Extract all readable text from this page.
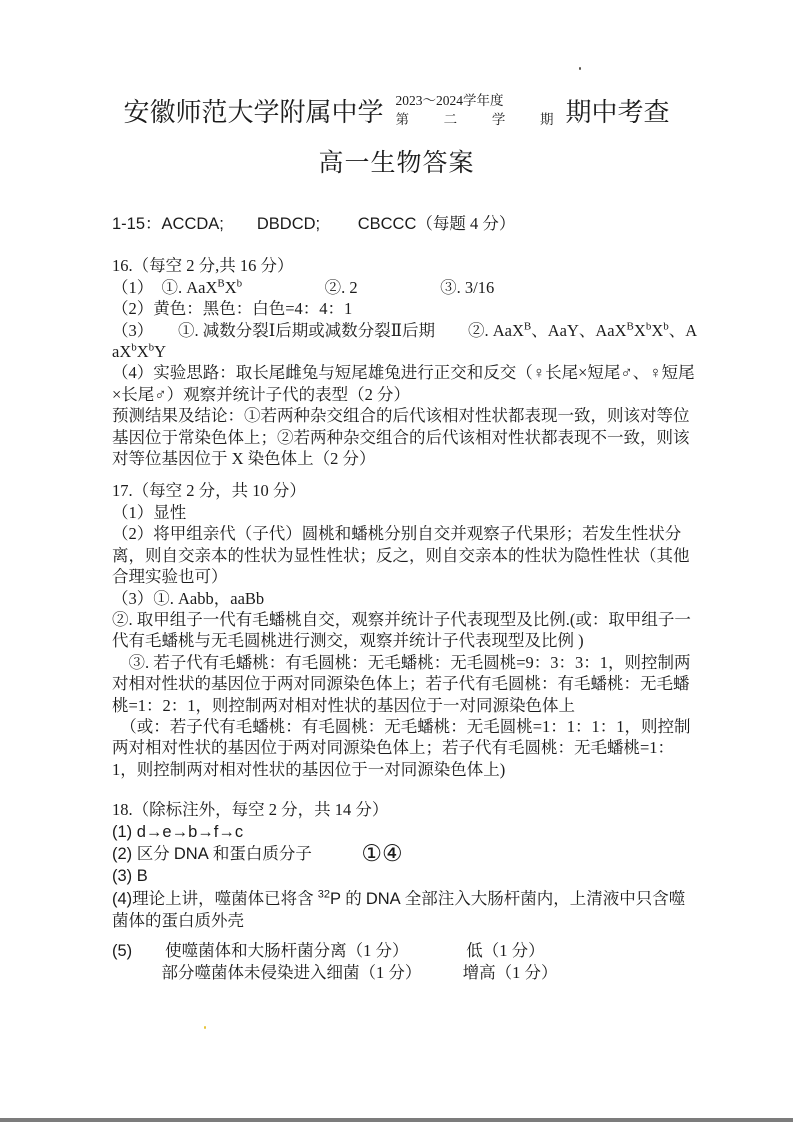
安徽师范大学附属中学 2023～2024学年度
第 二 学 期 期中考查
高一生物答案

1-15：ACCDA;　　DBDCD;　　 CBCCC（每题 4 分）

16.（每空 2 分,共 16 分）

（1）　①. $AaX^BX^b$　　　　　②. 2　　　　　③. 3/16

（2）黄色：黑色：白色=4：4：1

（3）　　①. 减数分裂Ⅰ后期或减数分裂Ⅱ后期　　②. AaX$^B$、AaY、$AaX^BX^bX^b$、$AaX^bX^bY$

（4）实验思路：取长尾雌兔与短尾雄兔进行正交和反交（♀长尾×短尾♂、♀短尾×长尾♂）观察并统计子代的表型（2 分）

预测结果及结论：①若两种杂交组合的后代该相对性状都表现一致，则该对等位基因位于常染色体上；②若两种杂交组合的后代该相对性状都表现不一致，则该对等位基因位于 X 染色体上（2 分）

17.（每空 2 分，共 10 分）

（1）显性

（2）将甲组亲代（子代）圆桃和蟠桃分别自交并观察子代果形；若发生性状分离，则自交亲本的性状为显性性状；反之，则自交亲本的性状为隐性性状（其他合理实验也可）

（3）①. Aabb，aaBb

②. 取甲组子一代有毛蟠桃自交，观察并统计子代表现型及比例.(或：取甲组子一代有毛蟠桃与无毛圆桃进行测交，观察并统计子代表现型及比例 )

　③. 若子代有毛蟠桃：有毛圆桃：无毛蟠桃：无毛圆桃=9：3：3：1，则控制两对相对性状的基因位于两对同源染色体上；若子代有毛圆桃：有毛蟠桃：无毛蟠桃=1：2：1，则控制两对相对性状的基因位于一对同源染色体上

　（或：若子代有毛蟠桃：有毛圆桃：无毛蟠桃：无毛圆桃=1：1：1：1，则控制两对相对性状的基因位于两对同源染色体上；若子代有毛圆桃：无毛蟠桃=1：1，则控制两对相对性状的基因位于一对同源染色体上)

18.（除标注外，每空 2 分，共 14 分）

(1) d→e→b→f→c

(2) 区分 DNA 和蛋白质分子　　　①④

(3) B

(4)理论上讲，噬菌体已将含 $^{32}$P 的 DNA 全部注入大肠杆菌内，上清液中只含噬菌体的蛋白质外壳

(5)　　使噬菌体和大肠杆菌分离（1 分）　　　　低（1 分）

　　　部分噬菌体未侵染进入细菌（1 分）　　　增高（1 分）
